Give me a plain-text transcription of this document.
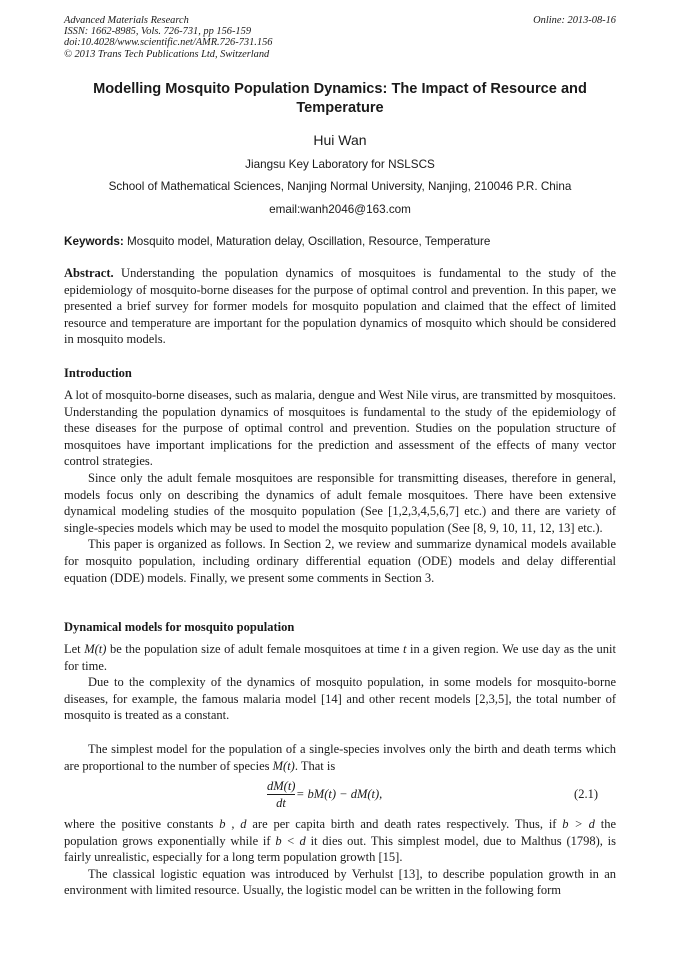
Advanced Materials Research
ISSN: 1662-8985, Vols. 726-731, pp 156-159
doi:10.4028/www.scientific.net/AMR.726-731.156
© 2013 Trans Tech Publications Ltd, Switzerland
Online: 2013-08-16
Modelling Mosquito Population Dynamics: The Impact of Resource and Temperature
Hui Wan
Jiangsu Key Laboratory for NSLSCS
School of Mathematical Sciences, Nanjing Normal University, Nanjing, 210046 P.R. China
email:wanh2046@163.com
Keywords: Mosquito model, Maturation delay, Oscillation, Resource, Temperature

Abstract. Understanding the population dynamics of mosquitoes is fundamental to the study of the epidemiology of mosquito-borne diseases for the purpose of optimal control and prevention. In this paper, we presented a brief survey for former models for mosquito population and claimed that the effect of limited resource and temperature are important for the population dynamics of mosquito which should be considered in mosquito models.

Introduction

A lot of mosquito-borne diseases, such as malaria, dengue and West Nile virus, are transmitted by mosquitoes. Understanding the population dynamics of mosquitoes is fundamental to the study of the epidemiology of these diseases for the purpose of optimal control and prevention. Studies on the population structure of mosquitoes have important implications for the prediction and assessment of the effects of many vector control strategies.

Since only the adult female mosquitoes are responsible for transmitting diseases, therefore in general, models focus only on describing the dynamics of adult female mosquitoes. There have been extensive dynamical modeling studies of the mosquito population (See [1,2,3,4,5,6,7] etc.) and there are variety of single-species models which may be used to model the mosquito population (See [8, 9, 10, 11, 12, 13] etc.).

This paper is organized as follows. In Section 2, we review and summarize dynamical models available for mosquito population, including ordinary differential equation (ODE) models and delay differential equation (DDE) models. Finally, we present some comments in Section 3.

Dynamical models for mosquito population

Let M(t) be the population size of adult female mosquitoes at time t in a given region. We use day as the unit for time.

Due to the complexity of the dynamics of mosquito population, in some models for mosquito-borne diseases, for example, the famous malaria model [14] and other recent models [2,3,5], the total number of mosquito is treated as a constant.

The simplest model for the population of a single-species involves only the birth and death terms which are proportional to the number of species M(t). That is

$\frac{dM(t)}{dt} = bM(t) - dM(t)$,	(2.1)

where the positive constants b , d are per capita birth and death rates respectively. Thus, if b > d the population grows exponentially while if b < d it dies out. This simplest model, due to Malthus (1798), is fairly unrealistic, especially for a long term population growth [15].

The classical logistic equation was introduced by Verhulst [13], to describe population growth in an environment with limited resource. Usually, the logistic model can be written in the following form
